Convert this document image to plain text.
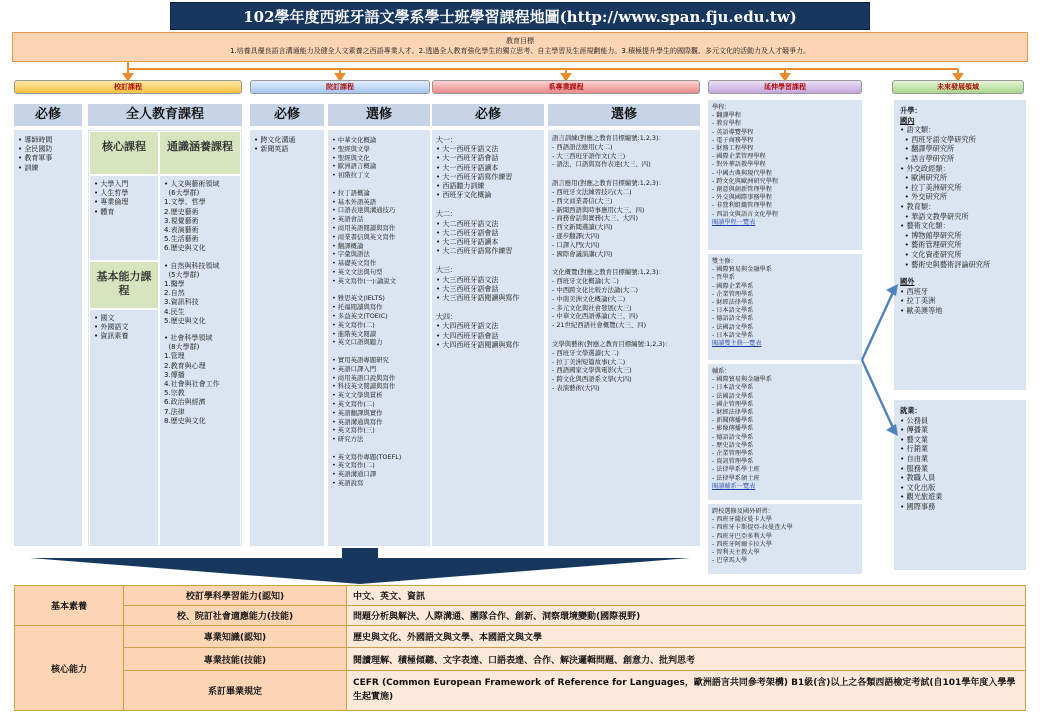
102學年度西班牙語文學系學士班學習課程地圖(http://www.span.fju.edu.tw)
教育目標
1.培養具優良語言溝通能力及健全人文素養之西語專業人才。2.透過全人教育強化學生的獨立思考、自主學習及生涯規劃能力。3.積極提升學生的國際觀、多元文化的活動力及人才競爭力。
校訂課程	院訂課程	系專業課程	延伸學習課程	未來發展領域
必修	全人教育課程	必修	選修	必修	選修
• 導師時間
• 全民國防
• 教育軍事
• 訓練
核心課程
• 大學入門
• 人生哲學
• 專業倫理
• 體育
基本能力課程
• 國文
• 外國語文
• 資訊素養
通識涵養課程
• 人文與藝術領域
(6大學群)
1.文學、哲學
2.歷史藝術
3.視覺藝術
4.表演藝術
5.生活藝術
6.歷史與文化
• 自然與科技領域
(5大學群)
1.醫學
2.自然
3.資訊科技
4.民生
5.歷史與文化
• 社會科學領域
(8大學群)
1.管理
2.教育與心理
3.傳播
4.社會與社會工作
5.宗教
6.政治與經濟
7.法律
8.歷史與文化
• 跨文化溝通
• 新聞英語
• 中華文化概論
• 聖經與文學
• 聖經與文化
• 歐洲語言概論
• 初階拉丁文

• 拉丁語概論
• 基本外語英語
• 口語表達與溝通技巧
• 英語會話
• 商用英語閱讀與寫作
• 商業書信與英文寫作
• 翻譯概論
• 字彙與語法
• 基礎英文寫作
• 英文文法與句型
• 英文寫作(一):論說文

• 雅思英文(IELTS)
• 托福閱讀與寫作
• 多益英文(TOEIC)
• 英文寫作(二)
• 進階英文閱讀
• 英文口語與聽力

• 實用英語專題研究
• 英語口譯入門
• 商用英語口說與寫作
• 科技英文閱讀與寫作
• 英文文學與賞析
• 英文寫作(二)
• 英語翻譯與實作
• 英語溝通與寫作
• 英文寫作(三)
• 研究方法

• 英文寫作專題(TOEFL)
• 英文寫作(二)
• 英語溝通口譯
• 英語說寫
大一：
• 大一西班牙語文法
• 大一西班牙語會話
• 大一西班牙語讀本
• 大一西班牙語寫作練習
• 西語聽力訓練
• 西班牙文化概論
大二：
• 大二西班牙語文法
• 大二西班牙語會話
• 大二西班牙語讀本
• 大二西班牙語寫作練習
大三：
• 大三西班牙語文法
• 大三西班牙語會話
• 大三西班牙語閱讀與寫作
大四：
• 大四西班牙語文法
• 大四西班牙語會話
• 大四西班牙語閱讀與寫作
語言訓練(對應之教育目標編號:1,2,3)：
- 西語語法應用(大二)
- 大三西班牙語作文(大三)
- 語法、口語與寫作表達(大三、四)
語言應用(對應之教育目標編號:1,2,3)：
- 西班牙文法練習技巧(大二)
- 西文商業書信(大三)
- 新聞西語與時事應用(大三、四)
- 商務會話與實務(大三、大四)
- 西文新聞選讀(大四)
- 逐步翻譯(大四)
- 口譯入門(大四)
- 國際會議演講(大四)
文化概覽(對應之教育目標編號:1,2,3)：
- 西班牙文化概論(大二)
- 中西跨文化比較方法論(大二)
- 中南美洲文化概論(大二)
- 多元文化與社會發展(大三)
- 中華文化西語導論(大三、四)
- 21世紀西語社會概覽(大三、四)
文學與藝術(對應之教育目標編號:1,2,3)：
- 西班牙文學選讀(大二)
- 拉丁美洲短篇故事(大二)
- 西語國家文學與電影(大三)
- 跨文化與西語系文學(大四)
- 表演藝術(大四)
學程：
- 翻譯學程
- 教育學程
- 英語導覽學程
- 電子商務學程
- 財務工程學程
- 國際企業管理學程
- 對外華語教學學程
- 中國古典與現代學程
- 跨文化與歐洲研究學程
- 創意與創新管理學程
- 外交與國際事務學程
- 非營利組織管理學程
- 西語文與語言文化學程
閱讀學程一覽表
雙主修：
- 國際貿易與金融學系
- 哲學系
- 國際企業學系
- 企業管理學系
- 財經法律學系
- 日本語文學系
- 德語語文學系
- 法國語文學系
- 日本語文學系
閱讀雙主修一覽表
輔系：
- 國際貿易與金融學系
- 日本語文學系
- 法國語文學系
- 國企管理學系
- 財經法律學系
- 新聞傳播學系
- 影像傳播學系
- 德語語文學系
- 歷史語文學系
- 企業管理學系
- 資訊管理學系
- 法律學系學士班
- 法律學系碩士班
閱讀輔系一覽表
跨校選修及國外研習：
- 西班牙薩拉曼卡大學
- 西班牙卡斯提亞-拉曼查大學
- 西班牙巴亞多利大學
- 西班牙阿爾卡拉大學
- 智利天主教大學
- 巴拿馬大學
升學：
國內
• 語文類：
• 西班牙語文學研究所
• 翻譯學研究所
• 語言學研究所
• 外交政經類：
• 歐洲研究所
• 拉丁美洲研究所
• 外交研究所
• 教育類：
• 華語文教學研究所
• 藝術文化類：
• 博物館學研究所
• 藝術管理研究所
• 文化資產研究所
• 藝術史與藝術評論研究所
國外
• 西班牙
• 拉丁美洲
• 歐美澳等地
就業：
• 公務員
• 傳播業
• 藝文業
• 行銷業
• 自由業
• 服務業
• 教職人員
• 文化出版
• 觀光旅遊業
• 國際事務
基本素養	校訂學科學習能力(認知)	中文、英文、資訊
	校、院訂社會適應能力(技能)	問題分析與解決、人際溝通、團隊合作、創新、洞察環境變動(國際視野)
核心能力	專業知識(認知)	歷史與文化、外國語文與文學、本國語文與文學
	專業技能(技能)	閱讀理解、積極傾聽、文字表達、口語表達、合作、解決邏輯問題、創意力、批判思考
	系訂畢業規定	CEFR (Common European Framework of Reference for Languages，歐洲語言共同參考架構) B1級(含)以上之各類西語檢定考試(自101學年度入學學生起實施)
